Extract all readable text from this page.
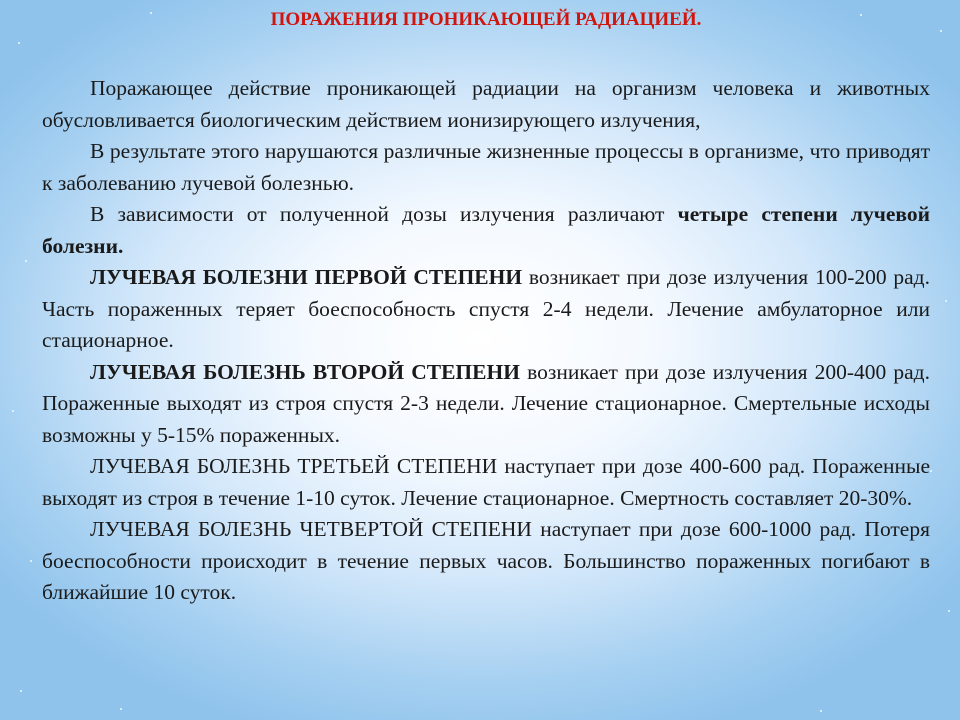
ПОРАЖЕНИЯ ПРОНИКАЮЩЕЙ РАДИАЦИЕЙ.

Поражающее действие проникающей радиации на организм человека и животных обусловливается биологическим действием ионизирующего излучения,

В результате этого нарушаются различные жизненные процессы в организме, что приводят к заболеванию лучевой болезнью.

В зависимости от полученной дозы излучения различают четыре степени лучевой болезни.

ЛУЧЕВАЯ БОЛЕЗНИ ПЕРВОЙ СТЕПЕНИ возникает при дозе излучения 100-200 рад. Часть пораженных теряет боеспособность спустя 2-4 недели. Лечение амбулаторное или стационарное.

ЛУЧЕВАЯ БОЛЕЗНЬ ВТОРОЙ СТЕПЕНИ возникает при дозе излучения 200-400 рад. Пораженные выходят из строя спустя 2-3 недели. Лечение стационарное. Смертельные исходы возможны у 5-15% пораженных.

ЛУЧЕВАЯ БОЛЕЗНЬ ТРЕТЬЕЙ СТЕПЕНИ наступает при дозе 400-600 рад. Пораженные выходят из строя в течение 1-10 суток. Лечение стационарное. Смертность составляет 20-30%.

ЛУЧЕВАЯ БОЛЕЗНЬ ЧЕТВЕРТОЙ СТЕПЕНИ наступает при дозе 600-1000 рад. Потеря боеспособности происходит в течение первых часов. Большинство пораженных погибают в ближайшие 10 суток.
